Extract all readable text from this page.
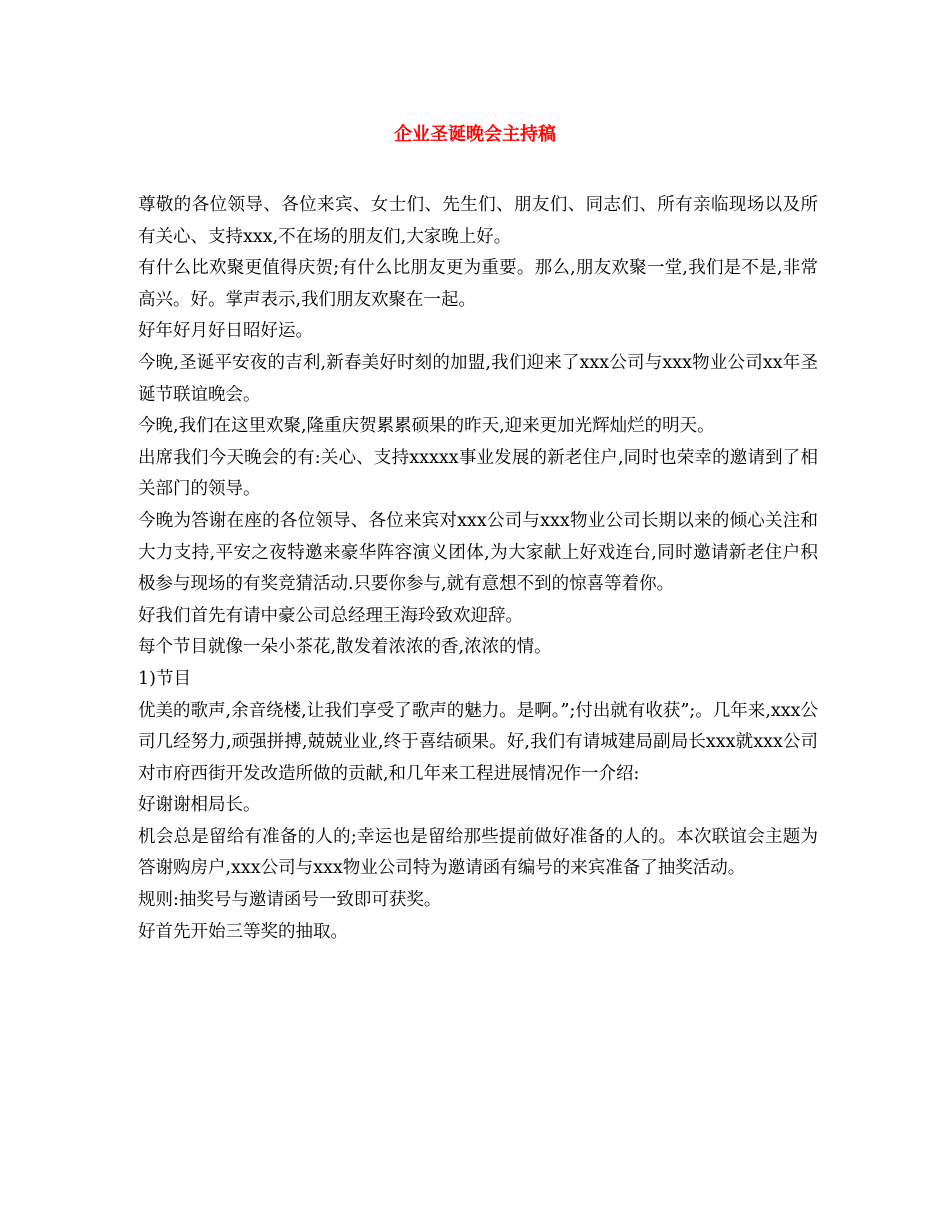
企业圣诞晚会主持稿

尊敬的各位领导、各位来宾、女士们、先生们、朋友们、同志们、所有亲临现场以及所有关心、支持xxx,不在场的朋友们,大家晚上好。

有什么比欢聚更值得庆贺;有什么比朋友更为重要。那么,朋友欢聚一堂,我们是不是,非常高兴。好。掌声表示,我们朋友欢聚在一起。

好年好月好日昭好运。

今晚,圣诞平安夜的吉利,新春美好时刻的加盟,我们迎来了xxx公司与xxx物业公司xx年圣诞节联谊晚会。

今晚,我们在这里欢聚,隆重庆贺累累硕果的昨天,迎来更加光辉灿烂的明天。

出席我们今天晚会的有:关心、支持xxxxx事业发展的新老住户,同时也荣幸的邀请到了相关部门的领导。

今晚为答谢在座的各位领导、各位来宾对xxx公司与xxx物业公司长期以来的倾心关注和大力支持,平安之夜特邀来豪华阵容演义团体,为大家献上好戏连台,同时邀请新老住户积极参与现场的有奖竞猜活动.只要你参与,就有意想不到的惊喜等着你。

好我们首先有请中豪公司总经理王海玲致欢迎辞。

每个节目就像一朵小茶花,散发着浓浓的香,浓浓的情。

1)节目

优美的歌声,余音绕楼,让我们享受了歌声的魅力。是啊。”;付出就有收获”;。几年来,xxx公司几经努力,顽强拼搏,兢兢业业,终于喜结硕果。好,我们有请城建局副局长xxx就xxx公司对市府西街开发改造所做的贡献,和几年来工程进展情况作一介绍:

好谢谢相局长。

机会总是留给有准备的人的;幸运也是留给那些提前做好准备的人的。本次联谊会主题为答谢购房户,xxx公司与xxx物业公司特为邀请函有编号的来宾准备了抽奖活动。

规则:抽奖号与邀请函号一致即可获奖。

好首先开始三等奖的抽取。
